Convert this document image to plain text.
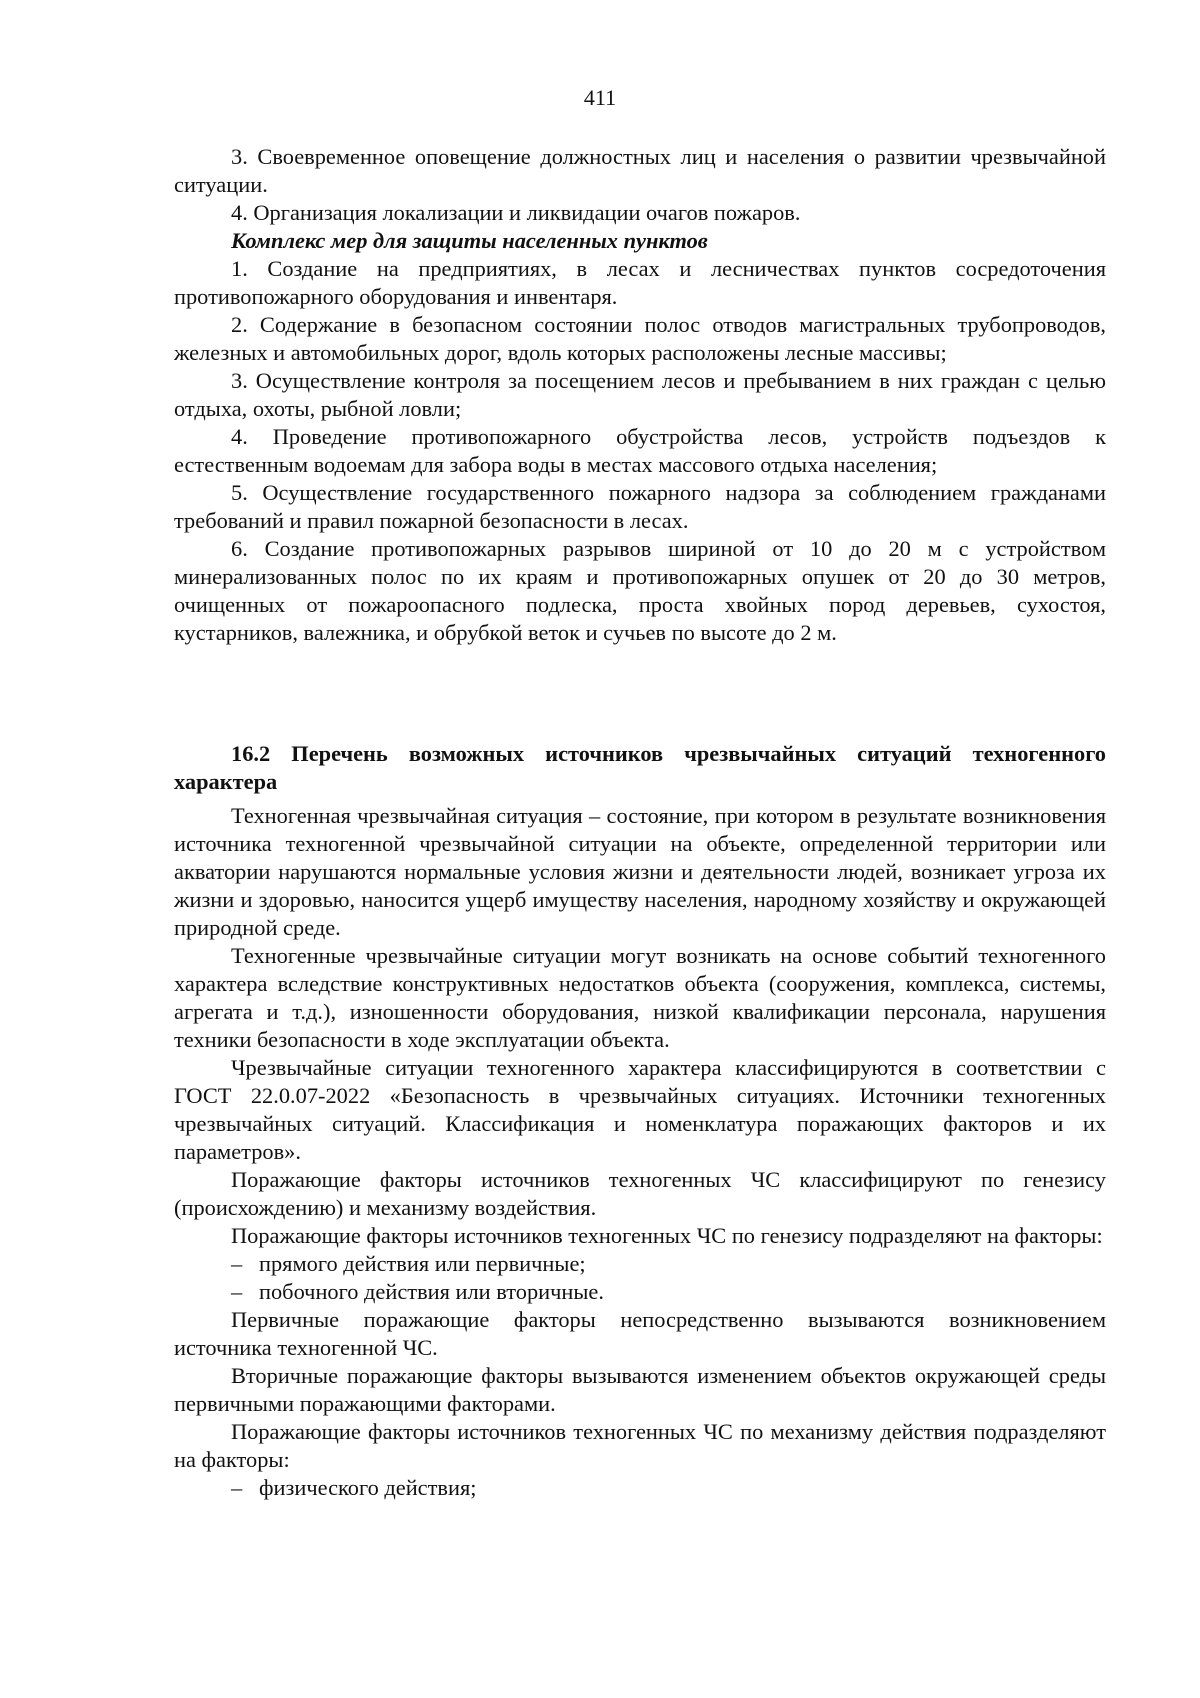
411

3. Своевременное оповещение должностных лиц и населения о развитии чрезвычайной ситуации.

4. Организация локализации и ликвидации очагов пожаров.

Комплекс мер для защиты населенных пунктов

1. Создание на предприятиях, в лесах и лесничествах пунктов сосредоточения противопожарного оборудования и инвентаря.

2. Содержание в безопасном состоянии полос отводов магистральных трубопроводов, железных и автомобильных дорог, вдоль которых расположены лесные массивы;

3. Осуществление контроля за посещением лесов и пребыванием в них граждан с целью отдыха, охоты, рыбной ловли;

4. Проведение противопожарного обустройства лесов, устройств подъездов к естественным водоемам для забора воды в местах массового отдыха населения;

5. Осуществление государственного пожарного надзора за соблюдением гражданами требований и правил пожарной безопасности в лесах.

6. Создание противопожарных разрывов шириной от 10 до 20 м с устройством минерализованных полос по их краям и противопожарных опушек от 20 до 30 метров, очищенных от пожароопасного подлеска, проста хвойных пород деревьев, сухостоя, кустарников, валежника, и обрубкой веток и сучьев по высоте до 2 м.

16.2 Перечень возможных источников чрезвычайных ситуаций техногенного характера

Техногенная чрезвычайная ситуация – состояние, при котором в результате возникновения источника техногенной чрезвычайной ситуации на объекте, определенной территории или акватории нарушаются нормальные условия жизни и деятельности людей, возникает угроза их жизни и здоровью, наносится ущерб имуществу населения, народному хозяйству и окружающей природной среде.

Техногенные чрезвычайные ситуации могут возникать на основе событий техногенного характера вследствие конструктивных недостатков объекта (сооружения, комплекса, системы, агрегата и т.д.), изношенности оборудования, низкой квалификации персонала, нарушения техники безопасности в ходе эксплуатации объекта.

Чрезвычайные ситуации техногенного характера классифицируются в соответствии с ГОСТ 22.0.07-2022 «Безопасность в чрезвычайных ситуациях. Источники техногенных чрезвычайных ситуаций. Классификация и номенклатура поражающих факторов и их параметров».

Поражающие факторы источников техногенных ЧС классифицируют по генезису (происхождению) и механизму воздействия.

Поражающие факторы источников техногенных ЧС по генезису подразделяют на факторы:

– прямого действия или первичные;

– побочного действия или вторичные.

Первичные поражающие факторы непосредственно вызываются возникновением источника техногенной ЧС.

Вторичные поражающие факторы вызываются изменением объектов окружающей среды первичными поражающими факторами.

Поражающие факторы источников техногенных ЧС по механизму действия подразделяют на факторы:

– физического действия;
